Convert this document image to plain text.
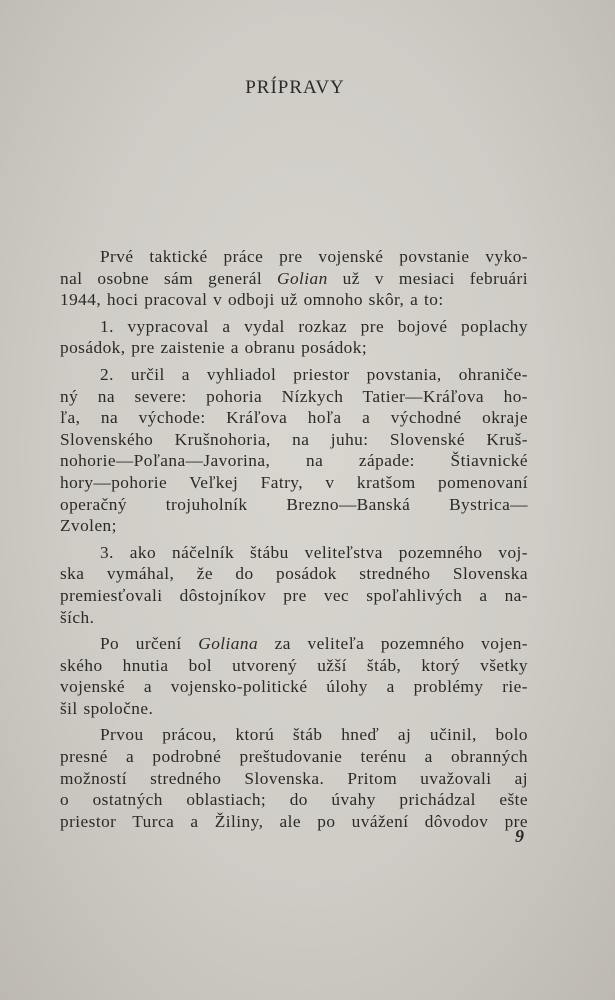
PRÍPRAVY

Prvé taktické práce pre vojenské povstanie vyko-
nal osobne sám generál Golian už v mesiaci februári
1944, hoci pracoval v odboji už omnoho skôr, a to:

1. vypracoval a vydal rozkaz pre bojové poplachy
posádok, pre zaistenie a obranu posádok;

2. určil a vyhliadol priestor povstania, ohraniče-
ný na severe: pohoria Nízkych Tatier—Kráľova ho-
ľa, na východe: Kráľova hoľa a východné okraje
Slovenského Krušnohoria, na juhu: Slovenské Kruš-
nohorie—Poľana—Javorina, na západe: Štiavnické
hory—pohorie Veľkej Fatry, v kratšom pomenovaní
operačný trojuholník Brezno—Banská Bystrica—
Zvolen;

3. ako náčelník štábu veliteľstva pozemného voj-
ska vymáhal, že do posádok stredného Slovenska
premiesťovali dôstojníkov pre vec spoľahlivých a na-
ších.

Po určení Goliana za veliteľa pozemného vojen-
ského hnutia bol utvorený užší štáb, ktorý všetky
vojenské a vojensko-politické úlohy a problémy rie-
šil spoločne.

Prvou prácou, ktorú štáb hneď aj učinil, bolo
presné a podrobné preštudovanie terénu a obranných
možností stredného Slovenska. Pritom uvažovali aj
o ostatných oblastiach; do úvahy prichádzal ešte
priestor Turca a Žiliny, ale po uvážení dôvodov pre

9
